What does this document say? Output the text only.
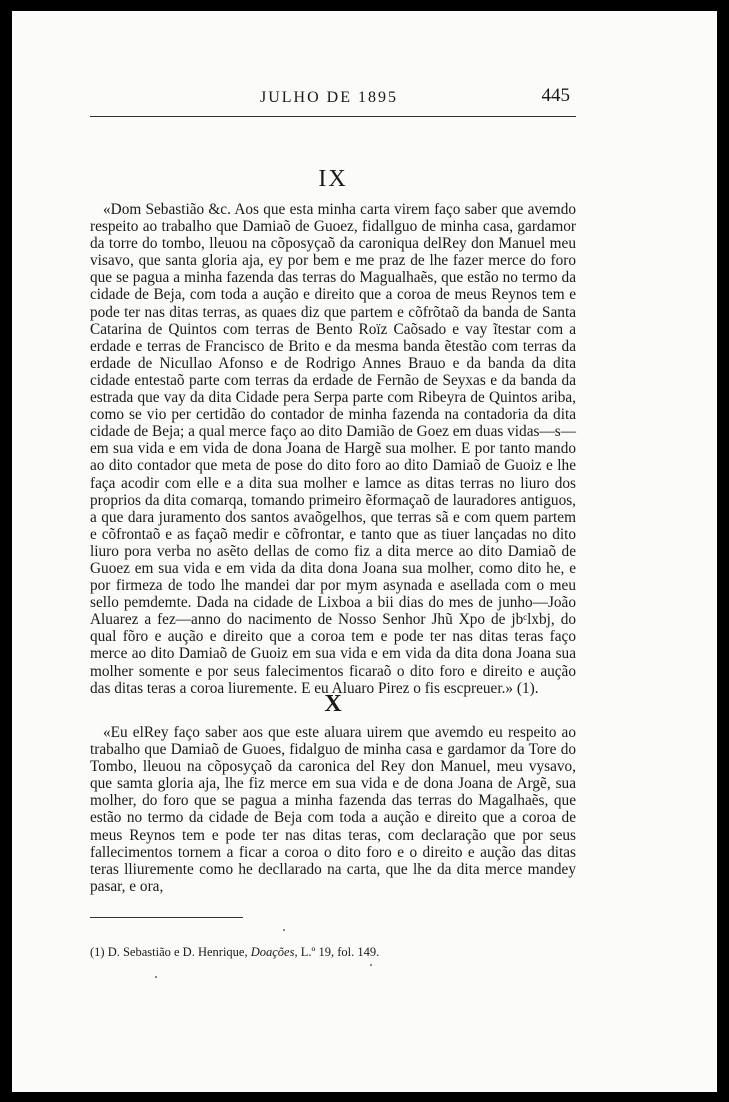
JULHO DE 1895	445
IX

«Dom Sebastião &c. Aos que esta minha carta virem faço saber que avemdo respeito ao trabalho que Damiaõ de Guoez, fidallguo de minha casa, gardamor da torre do tombo, lleuou na cõposyçaõ da caroniqua delRey don Manuel meu visavo, que santa gloria aja, ey por bem e me praz de lhe fazer merce do foro que se pagua a minha fazenda das terras do Magualhaẽs, que estão no termo da cidade de Beja, com toda a aução e direito que a coroa de meus Reynos tem e pode ter nas ditas terras, as quaes diz que partem e cõfrõtaõ da banda de Santa Catarina de Quintos com terras de Bento Roïz Caõsado e vay ĩtestar com a erdade e terras de Francisco de Brito e da mesma banda ẽtestão com terras da erdade de Nicullao Afonso e de Rodrigo Annes Brauo e da banda da dita cidade entestaõ parte com terras da erdade de Fernão de Seyxas e da banda da estrada que vay da dita Cidade pera Serpa parte com Ribeyra de Quintos ariba, como se vio per certidão do contador de minha fazenda na contadoria da dita cidade de Beja; a qual merce faço ao dito Damião de Goez em duas vidas—s—em sua vida e em vida de dona Joana de Hargẽ sua molher. E por tanto mando ao dito contador que meta de pose do dito foro ao dito Damiaõ de Guoiz e lhe faça acodir com elle e a dita sua molher e lamce as ditas terras no liuro dos proprios da dita comarqa, tomando primeiro ẽformaçaõ de lauradores antiguos, a que dara juramento dos santos avaõgelhos, que terras sã e com quem partem e cõfrontaõ e as façaõ medir e cõfrontar, e tanto que as tiuer lançadas no dito liuro pora verba no asẽto dellas de como fiz a dita merce ao dito Damiaõ de Guoez em sua vida e em vida da dita dona Joana sua molher, como dito he, e por firmeza de todo lhe mandei dar por mym asynada e asellada com o meu sello pemdemte. Dada na cidade de Lixboa a bii dias do mes de junho—João Aluarez a fez—anno do nacimento de Nosso Senhor Jhũ Xpo de jbᶜlxbj, do qual fõro e aução e direito que a coroa tem e pode ter nas ditas teras faço merce ao dito Damiaõ de Guoiz em sua vida e em vida da dita dona Joana sua molher somente e por seus falecimentos ficaraõ o dito foro e direito e aução das ditas teras a coroa liuremente. E eu Aluaro Pirez o fis escpreuer.» (1).

X

«Eu elRey faço saber aos que este aluara uirem que avemdo eu respeito ao trabalho que Damiaõ de Guoes, fidalguo de minha casa e gardamor da Tore do Tombo, lleuou na cõposyçaõ da caronica del Rey don Manuel, meu vysavo, que samta gloria aja, lhe fiz merce em sua vida e de dona Joana de Argẽ, sua molher, do foro que se pagua a minha fazenda das terras do Magalhaẽs, que estão no termo da cidade de Beja com toda a aução e direito que a coroa de meus Reynos tem e pode ter nas ditas teras, com declaração que por seus fallecimentos tornem a ficar a coroa o dito foro e o direito e aução das ditas teras lliuremente como he decllarado na carta, que lhe da dita merce mandey pasar, e ora,

(1) D. Sebastião e D. Henrique, Doações, L.º 19, fol. 149.
